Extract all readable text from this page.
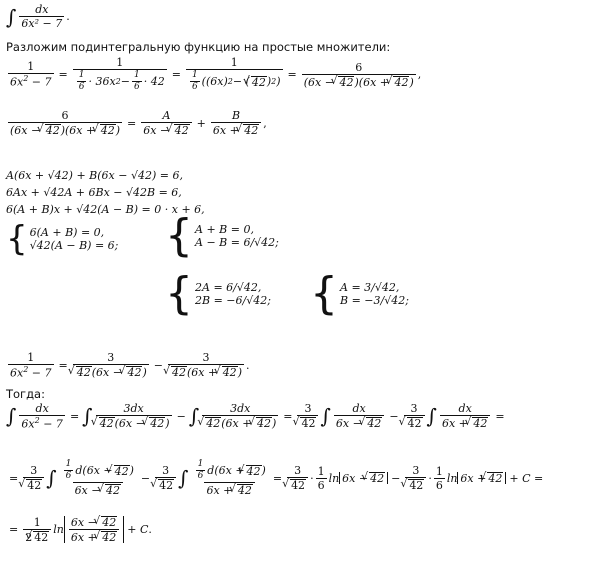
∫ $\frac{dx}{\text{6x² − 7}}$ .
Разложим подинтегральную функцию на простые множители:
$\frac{1}{6x^2 - 7} = \frac{1}{\frac{1}{6} \cdot 36x 2 - \frac{1}{6} \cdot 42} = 1$
$\frac{1}{6} ((6x) 2$ − (
√ 42 ) 2 ) = $\frac{6}{(6x - √ 42)(6x + √ 42)}$ ,
$\frac{6}{(6x - √ 42)(6x + √ 42)} = \frac{A}{6x - √ 42} + \frac{B}{6x + √ 42}$ ,
A(6x + √42) + B(6x − √42) = 6,
6Ax + √42A + 6Bx − √42B = 6,
6(A + B)x + √42(A − B) = 0 · x + 6,
{ 6(A + B) = 0,
√42(A − B) = 6; { A + B = 0,
A − B = 6/√42;
{ 2A = 6/√42,
2B = −6/√42; { A = 3/√42,
B = −3/√42;
$\frac{1}{6x^2 - 7} = 3$
√ 42(6x − √ 42) − 3
√ 42(6x + √ 42) .
Тогда:
∫ $\frac{dx}{6x^2 - 7}$ = ∫ 3dx
√ 42(6x − √ 42) − ∫ 3dx
√ 42(6x + √ 42) = 3
√ 42 ∫ $\frac{dx}{6x - √ 42} - 3$
√ 42 ∫ $\frac{dx}{6x + √ 42}$ =
= 3
√ 42 ∫ $\frac{1}{6} d(6x$ −
√ 42 )
6x − √ 42 − 3
√ 42 ∫ $\frac{1}{6} d(6x$ +
√ 42 )
6x + √ 42 = 3
√ $42 \cdot \frac{1}{6}$ ln 6x −
√ 42 − 3
√ $42 \cdot \frac{1}{6}$ ln 6x +
√ 42 + C =
= $\frac{1}{2√ 42}$ $\ln \frac{6x - √ 42}{6x + √ 42} + C$.
